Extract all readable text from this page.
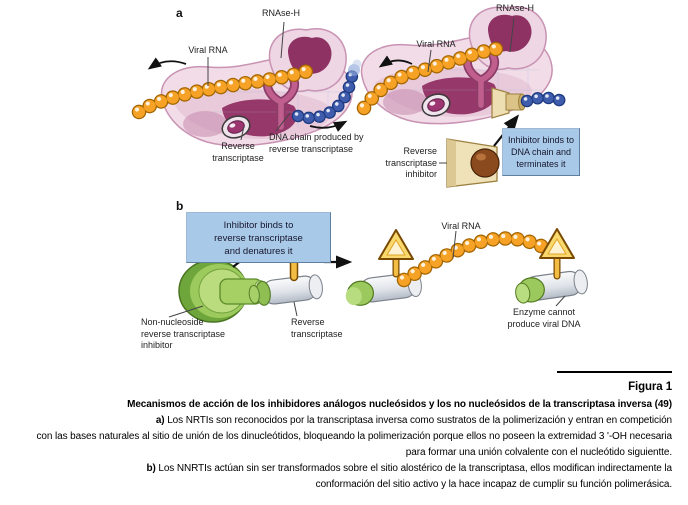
a	RNAse-H
Viral RNA
Reverse
transcriptase
DNA chain produced by
reverse transcriptase
RNAse-H
Viral RNA
Reverse
transcriptase
inhibitor
Inhibitor binds to
DNA chain and
terminates it
b
Inhibitor binds to
reverse transcriptase
and denatures it
Non-nucleoside
reverse transcriptase
inhibitor
Reverse
transcriptase
Viral RNA
Enzyme cannot
produce viral DNA
Figura 1
Mecanismos de acción de los inhibidores análogos nucleósidos y los no nucleósidos de la transcriptasa inversa (49)
a) Los NRTIs son reconocidos por la transcriptasa inversa como sustratos de la polimerización y entran en competición
con las bases naturales al sitio de unión de los dinucleótidos, bloqueando la polimerización porque ellos no poseen la extremidad 3 '-OH necesaria
para formar una unión colvalente con el nucleótido siguientte.
b) Los NNRTIs actúan sin ser transformados sobre el sitio alostérico de la transcriptasa, ellos modifican indirectamente la
conformación del sitio activo y la hace incapaz de cumplir su función polimerásica.
